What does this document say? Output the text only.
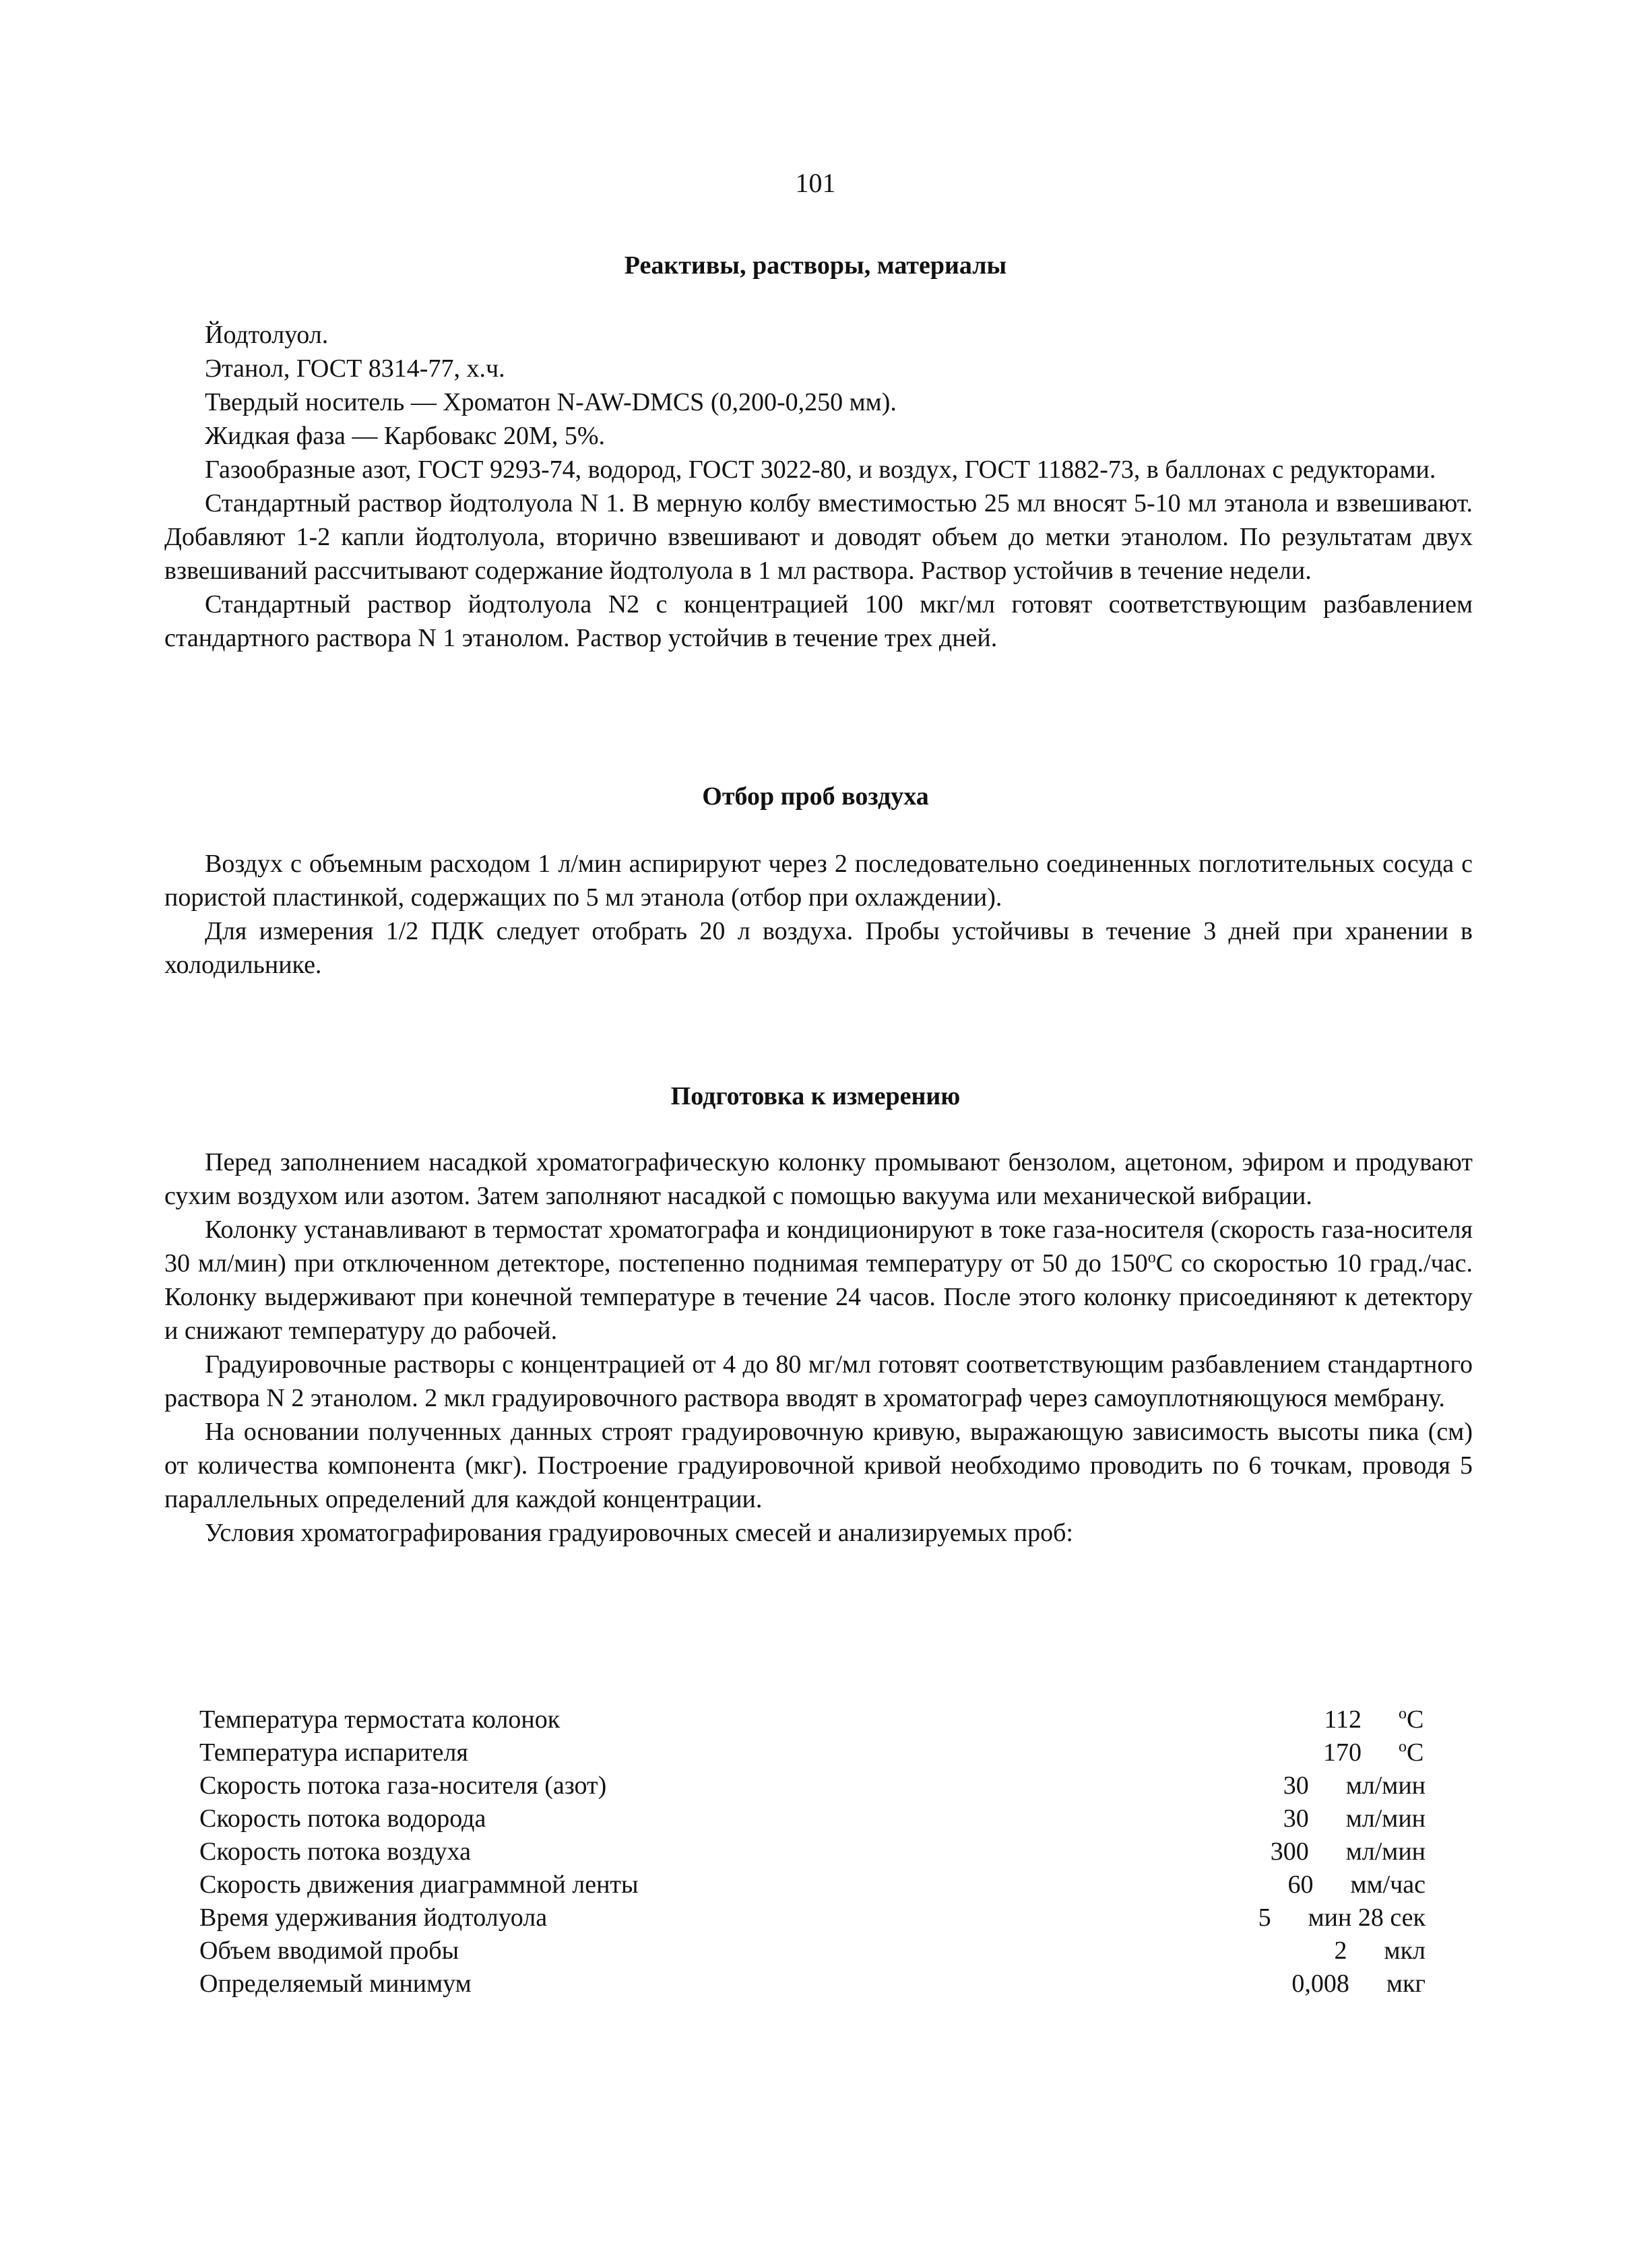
101
Реактивы, растворы, материалы

Йодтолуол.

Этанол, ГОСТ 8314-77, х.ч.

Твердый носитель — Хроматон N-AW-DMCS (0,200-0,250 мм).

Жидкая фаза — Карбовакс 20М, 5%.

Газообразные азот, ГОСТ 9293-74, водород, ГОСТ 3022-80, и воздух, ГОСТ 11882-73, в баллонах с редукторами.

Стандартный раствор йодтолуола N 1. В мерную колбу вместимостью 25 мл вносят 5-10 мл этанола и взвешивают. Добавляют 1-2 капли йодтолуола, вторично взвешивают и доводят объем до метки этанолом. По результатам двух взвешиваний рассчитывают содержание йодтолуола в 1 мл раствора. Раствор устойчив в течение недели.

Стандартный раствор йодтолуола N2 с концентрацией 100 мкг/мл готовят соответствующим разбавлением стандартного раствора N 1 этанолом. Раствор устойчив в течение трех дней.

Отбор проб воздуха

Воздух с объемным расходом 1 л/мин аспирируют через 2 последовательно соединенных поглотительных сосуда с пористой пластинкой, содержащих по 5 мл этанола (отбор при охлаждении).

Для измерения 1/2 ПДК следует отобрать 20 л воздуха. Пробы устойчивы в течение 3 дней при хранении в холодильнике.

Подготовка к измерению

Перед заполнением насадкой хроматографическую колонку промывают бензолом, ацетоном, эфиром и продувают сухим воздухом или азотом. Затем заполняют насадкой с помощью вакуума или механической вибрации.

Колонку устанавливают в термостат хроматографа и кондиционируют в токе газа-носителя (скорость газа-носителя 30 мл/мин) при отключенном детекторе, постепенно поднимая температуру от 50 до $150^оС$ со скоростью 10 град./час. Колонку выдерживают при конечной температуре в течение 24 часов. После этого колонку присоединяют к детектору и снижают температуру до рабочей.

Градуировочные растворы с концентрацией от 4 до 80 мг/мл готовят соответствующим разбавлением стандартного раствора N 2 этанолом. 2 мкл градуировочного раствора вводят в хроматограф через самоуплотняющуюся мембрану.

На основании полученных данных строят градуировочную кривую, выражающую зависимость высоты пика (см) от количества компонента (мкг). Построение градуировочной кривой необходимо проводить по 6 точкам, проводя 5 параллельных определений для каждой концентрации.

Условия хроматографирования градуировочных смесей и анализируемых проб:

Температура термостата колонок	112 $^о$С
Температура испарителя	170 $^о$С
Скорость потока газа-носителя (азот)	30 мл/мин
Скорость потока водорода	30 мл/мин
Скорость потока воздуха	300 мл/мин
Скорость движения диаграммной ленты	60 мм/час
Время удерживания йодтолуола	5 мин 28 сек
Объем вводимой пробы	2 мкл
Определяемый минимум	0,008 мкг
